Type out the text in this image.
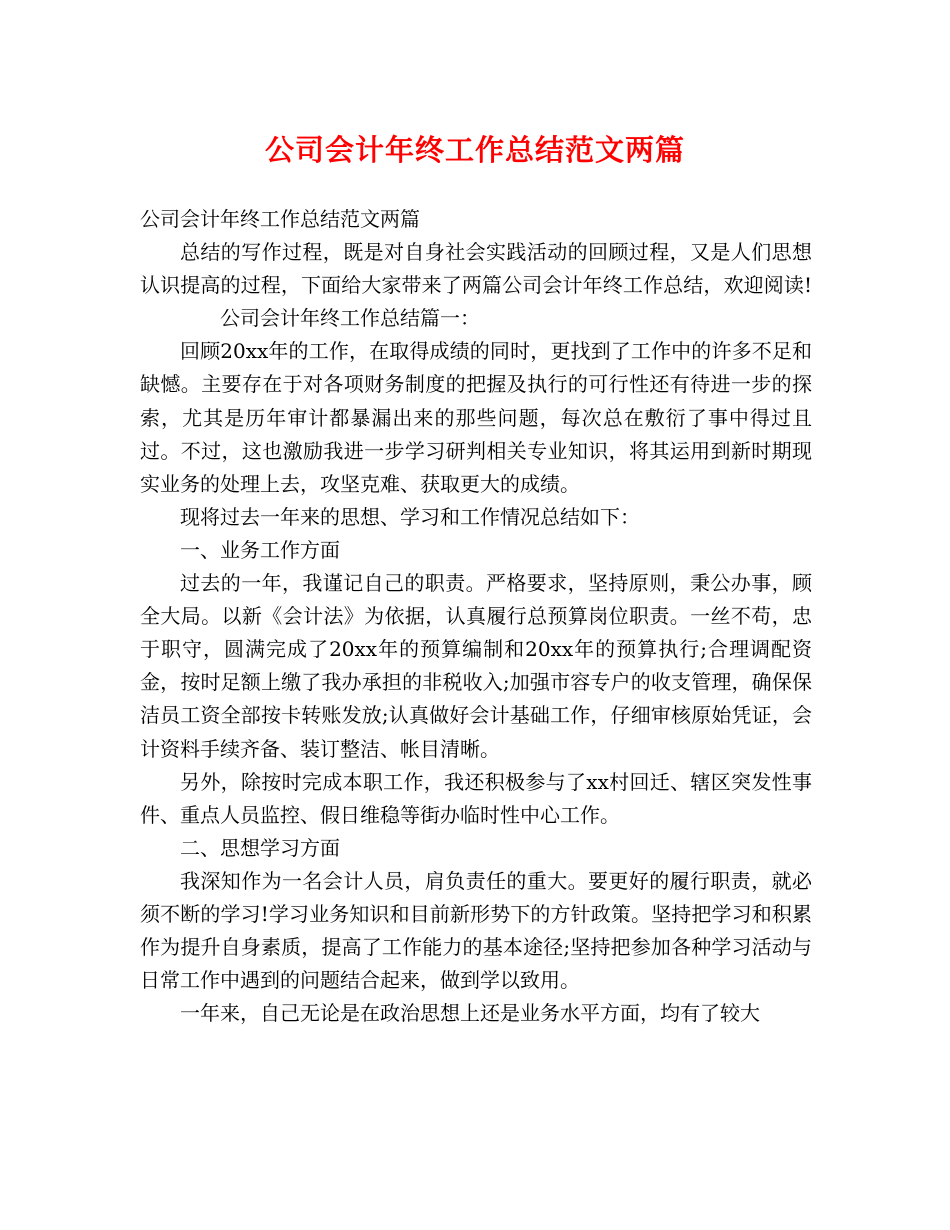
公司会计年终工作总结范文两篇

公司会计年终工作总结范文两篇

总结的写作过程，既是对自身社会实践活动的回顾过程，又是人们思想认识提高的过程，下面给大家带来了两篇公司会计年终工作总结，欢迎阅读!公司会计年终工作总结篇一：

回顾20xx年的工作，在取得成绩的同时，更找到了工作中的许多不足和缺憾。主要存在于对各项财务制度的把握及执行的可行性还有待进一步的探索，尤其是历年审计都暴漏出来的那些问题，每次总在敷衍了事中得过且过。不过，这也激励我进一步学习研判相关专业知识，将其运用到新时期现实业务的处理上去，攻坚克难、获取更大的成绩。

现将过去一年来的思想、学习和工作情况总结如下：

一、业务工作方面

过去的一年，我谨记自己的职责。严格要求，坚持原则，秉公办事，顾全大局。以新《会计法》为依据，认真履行总预算岗位职责。一丝不苟，忠于职守，圆满完成了20xx年的预算编制和20xx年的预算执行;合理调配资金，按时足额上缴了我办承担的非税收入;加强市容专户的收支管理，确保保洁员工资全部按卡转账发放;认真做好会计基础工作，仔细审核原始凭证，会计资料手续齐备、装订整洁、帐目清晰。

另外，除按时完成本职工作，我还积极参与了xx村回迁、辖区突发性事件、重点人员监控、假日维稳等街办临时性中心工作。

二、思想学习方面

我深知作为一名会计人员，肩负责任的重大。要更好的履行职责，就必须不断的学习!学习业务知识和目前新形势下的方针政策。坚持把学习和积累作为提升自身素质，提高了工作能力的基本途径;坚持把参加各种学习活动与日常工作中遇到的问题结合起来，做到学以致用。

一年来，自己无论是在政治思想上还是业务水平方面，均有了较大
